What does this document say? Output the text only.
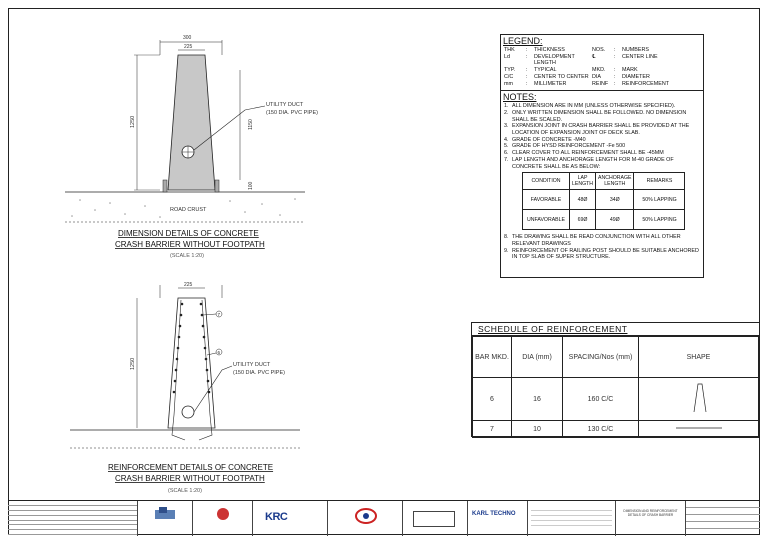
ROAD CRUST
300
225
1250	1150
100
UTILITY DUCT
(150 DIA. PVC PIPE)
DIMENSION DETAILS OF CONCRETE
CRASH BARRIER WITHOUT FOOTPATH
(SCALE 1:20)
225
1250
7
6
UTILITY DUCT
(150 DIA. PVC PIPE)
REINFORCEMENT DETAILS OF CONCRETE
CRASH BARRIER WITHOUT FOOTPATH
(SCALE 1:20)
LEGEND:
THK	:	THICKNESS	NOS.	:	NUMBERS
Ld	:	DEVELOPMENT LENGTH
℄	:	CENTER LINE
TYP.	:	TYPICAL	MKD.	:	MARK
C/C	:	CENTER TO CENTER DIA	:	DIAMETER
mm	:	MILLIMETER	REINF	:	REINFORCEMENT
NOTES:
1. ALL DIMENSION ARE IN MM (UNLESS OTHERWISE SPECIFIED).
2. ONLY WRITTEN DIMENSION SHALL BE FOLLOWED. NO DIMENSION SHALL BE SCALED.
3. EXPANSION JOINT IN CRASH BARRIER SHALL BE PROVIDED AT THE LOCATION OF EXPANSION JOINT OF DECK SLAB.
4. GRADE OF CONCRETE -M40
5. GRADE OF HYSD REINFORCEMENT -Fe 500
6. CLEAR COVER TO ALL REINFORCEMENT SHALL BE -45MM
7. LAP LENGTH AND ANCHORAGE LENGTH FOR M-40 GRADE OF CONCRETE SHALL BE AS BELOW:
CONDITION	LAP LENGTH	ANCHORAGE LENGTH	REMARKS
FAVORABLE	48Ø	34Ø	50% LAPPING
UNFAVORABLE	69Ø	49Ø	50% LAPPING
8. THE DRAWING SHALL BE READ CONJUNCTION WITH ALL OTHER RELEVANT DRAWINGS
9. REINFORCEMENT OF RAILING POST SHOULD BE SUITABLE ANCHORED IN TOP SLAB OF SUPER STRUCTURE.
SCHEDULE OF REINFORCEMENT
BAR MKD.	DIA (mm)	SPACING/Nos (mm)	SHAPE
6	16	160 C/C	
7	10	130 C/C	
KRC	KARL TECHNO	DIMENSION AND REINFORCEMENT DETAILS OF CRASH BARRIER
